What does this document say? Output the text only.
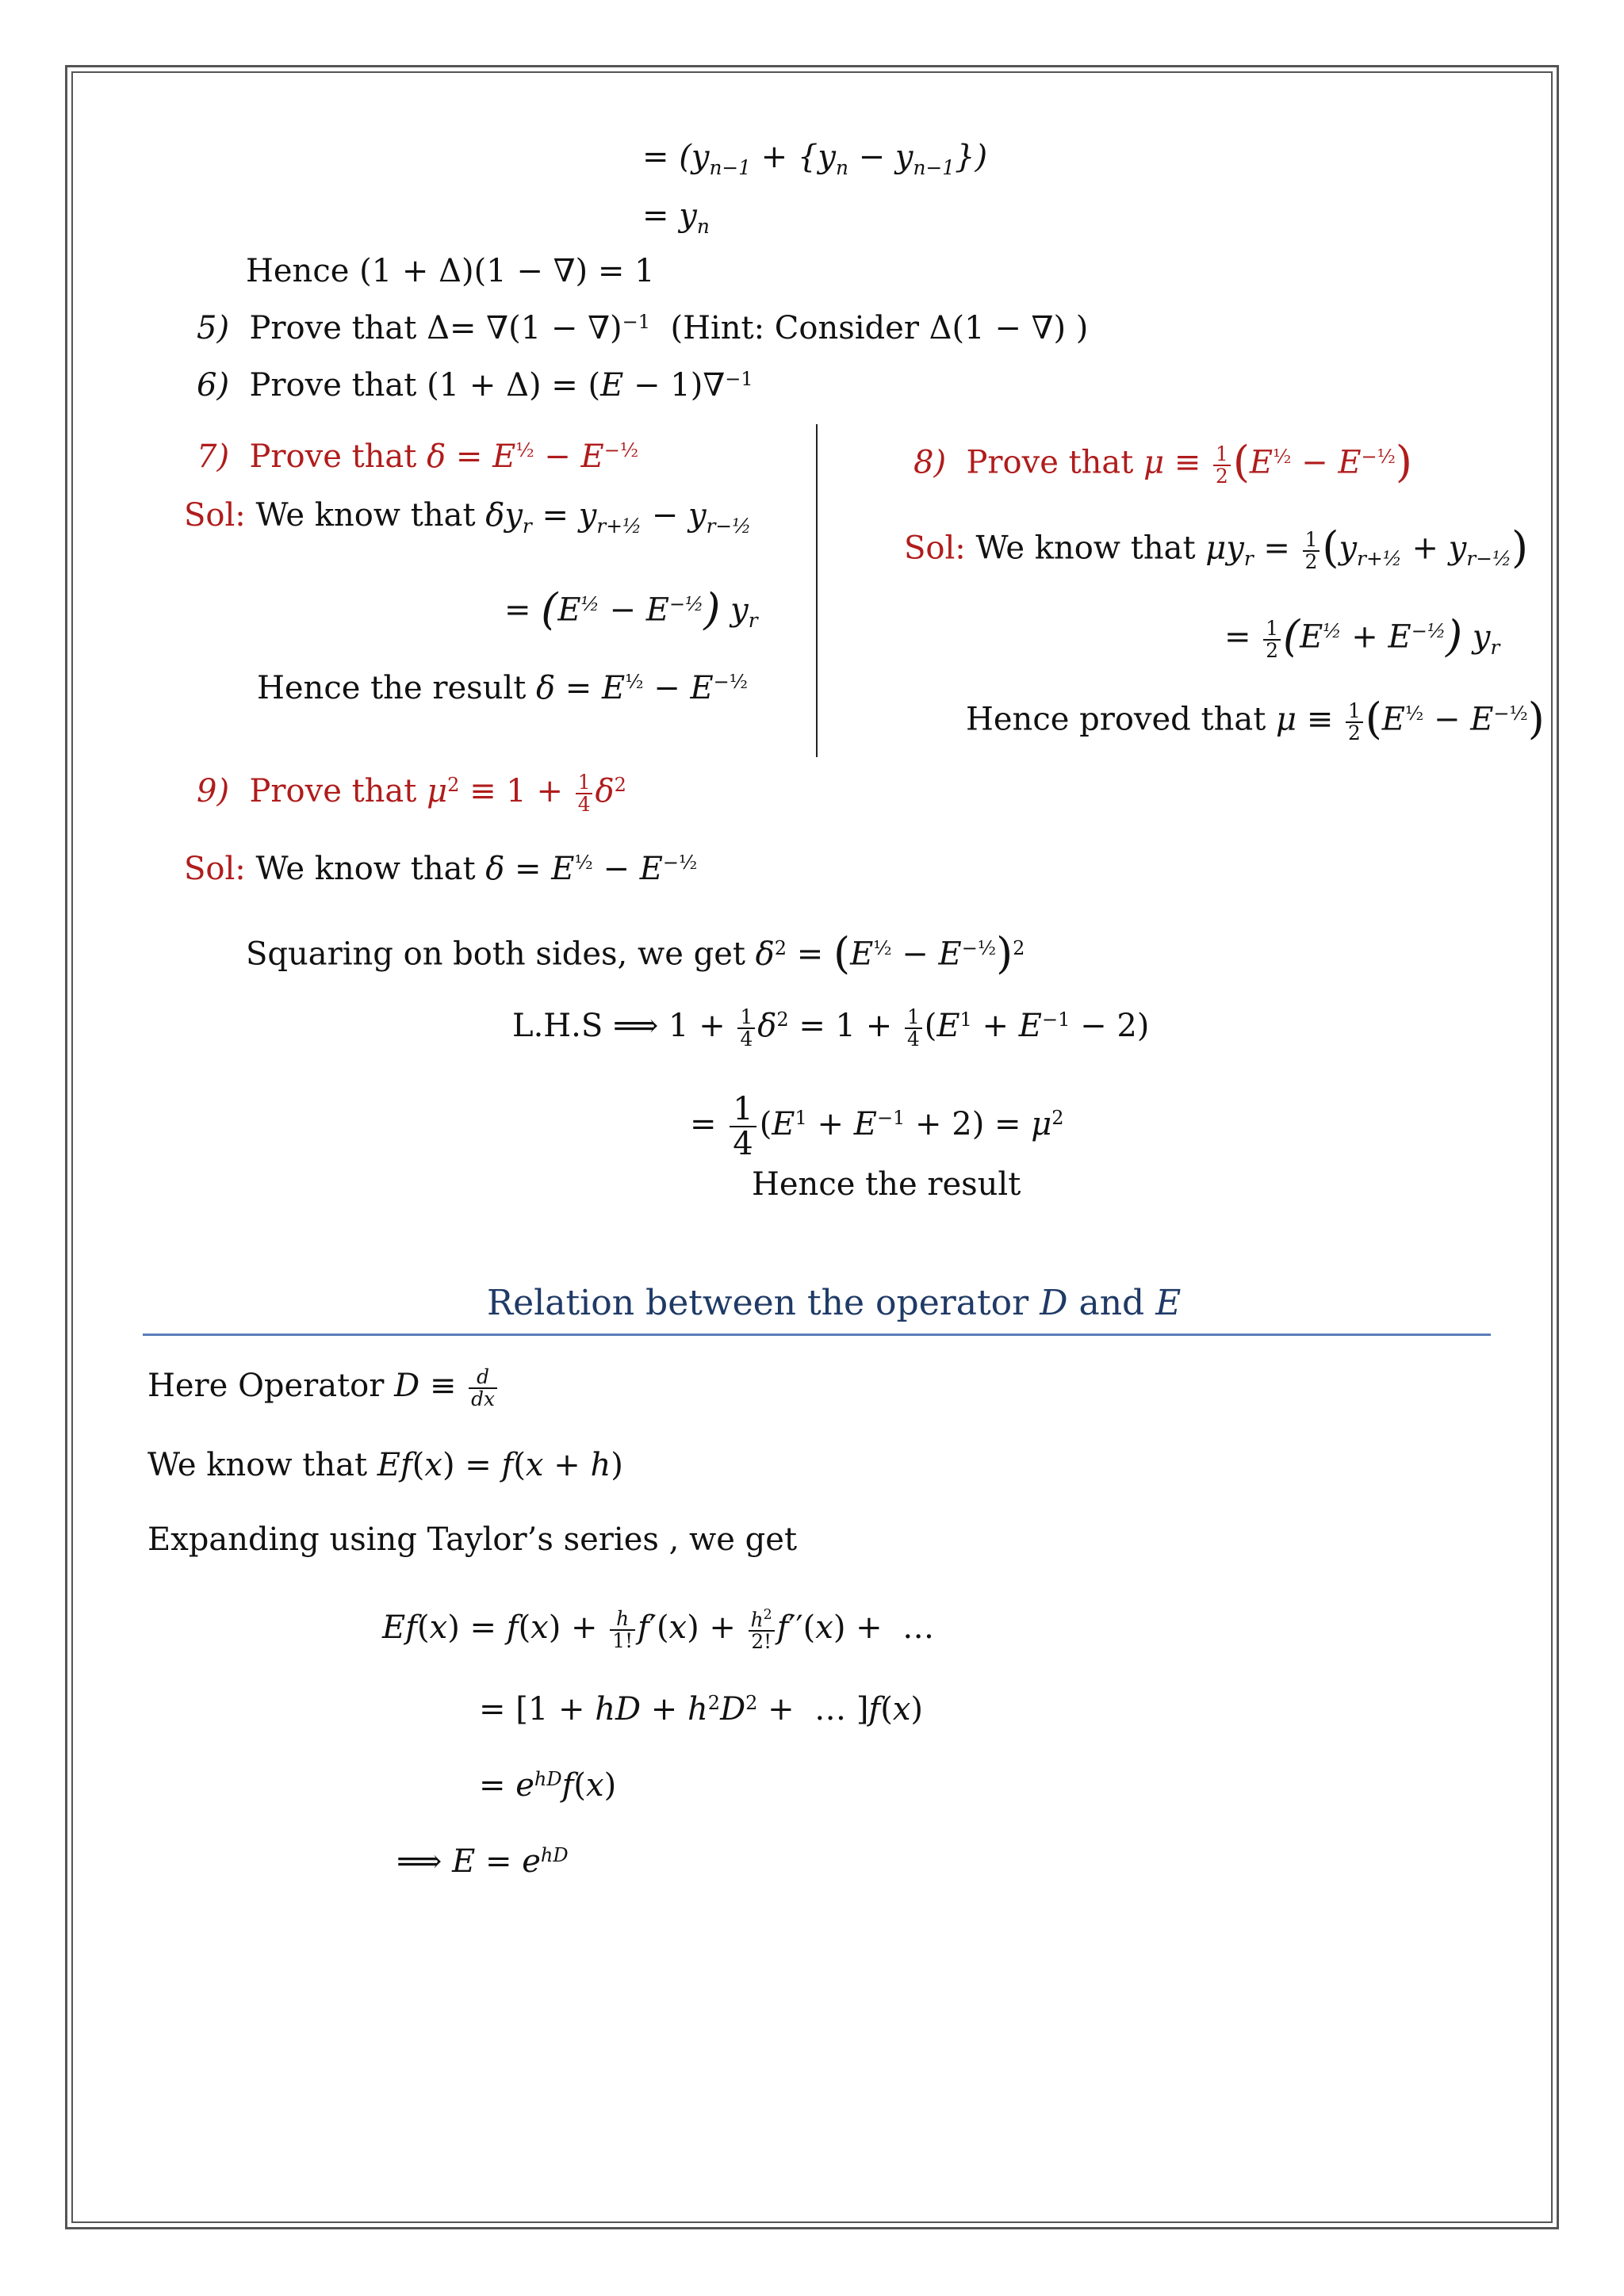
= $(y_{n-1} + \{y_n - y_{n-1}\})$
= $y_n$
Hence (1 + Δ)(1 − ∇) = 1
5)  Prove that Δ= ∇(1 − ∇)$^{-1}$  (Hint: Consider Δ(1 − ∇) )
6)  Prove that (1 + Δ) = (E − 1)∇$^{-1}$
7)  Prove that $\delta = E^{\frac{1}{2}} - E^{-\frac{1}{2}}$
Sol: We know that $\delta y_r = y_{r+\frac{1}{2}} - y_{r-\frac{1}{2}}$
= $(E^{\frac{1}{2}} - E^{-\frac{1}{2}})$ $y_r$
Hence the result $\delta = E^{\frac{1}{2}} - E^{-\frac{1}{2}}$
8)  Prove that $\mu \equiv \frac{1}{2} (E^{\frac{1}{2}} - E^{-\frac{1}{2}})$
Sol: We know that $\mu y_r = \frac{1}{2} (y_{r+\frac{1}{2}} + y_{r-\frac{1}{2}})$
= $\frac{1}{2} (E^{\frac{1}{2}} + E^{-\frac{1}{2}})$ $y_r$
Hence proved that $\mu \equiv \frac{1}{2} (E^{\frac{1}{2}} - E^{-\frac{1}{2}})$
9)  Prove that $\mu^2 \equiv 1 + \frac{1}{4} \delta^2$
Sol: We know that $\delta = E^{\frac{1}{2}} - E^{-\frac{1}{2}}$
Squaring on both sides, we get $\delta^2 = (E^{\frac{1}{2}} - E^{-\frac{1}{2}})^2$
L.H.S ⟹ $1 + \frac{1}{4} \delta^2 = 1 + \frac{1}{4} (E^1 + E^{-1} - 2)$
= $\frac{1}{4} (E^1 + E^{-1} + 2) = \mu^2$
Hence the result
Relation between the operator D and E
Here Operator $D \equiv \frac{d}{dx}$
We know that Ef(x) = f(x + h)
Expanding using Taylor’s series , we get
$Ef(x) = f(x) + \frac{h}{1!} f'(x) + \frac{h^2}{2!} f''(x)$ +  …
= [1 + hD + $h^2D^2$ +  … ]f(x)
= $e^{hD}f(x)$
⟹ $E = e^{hD}$
